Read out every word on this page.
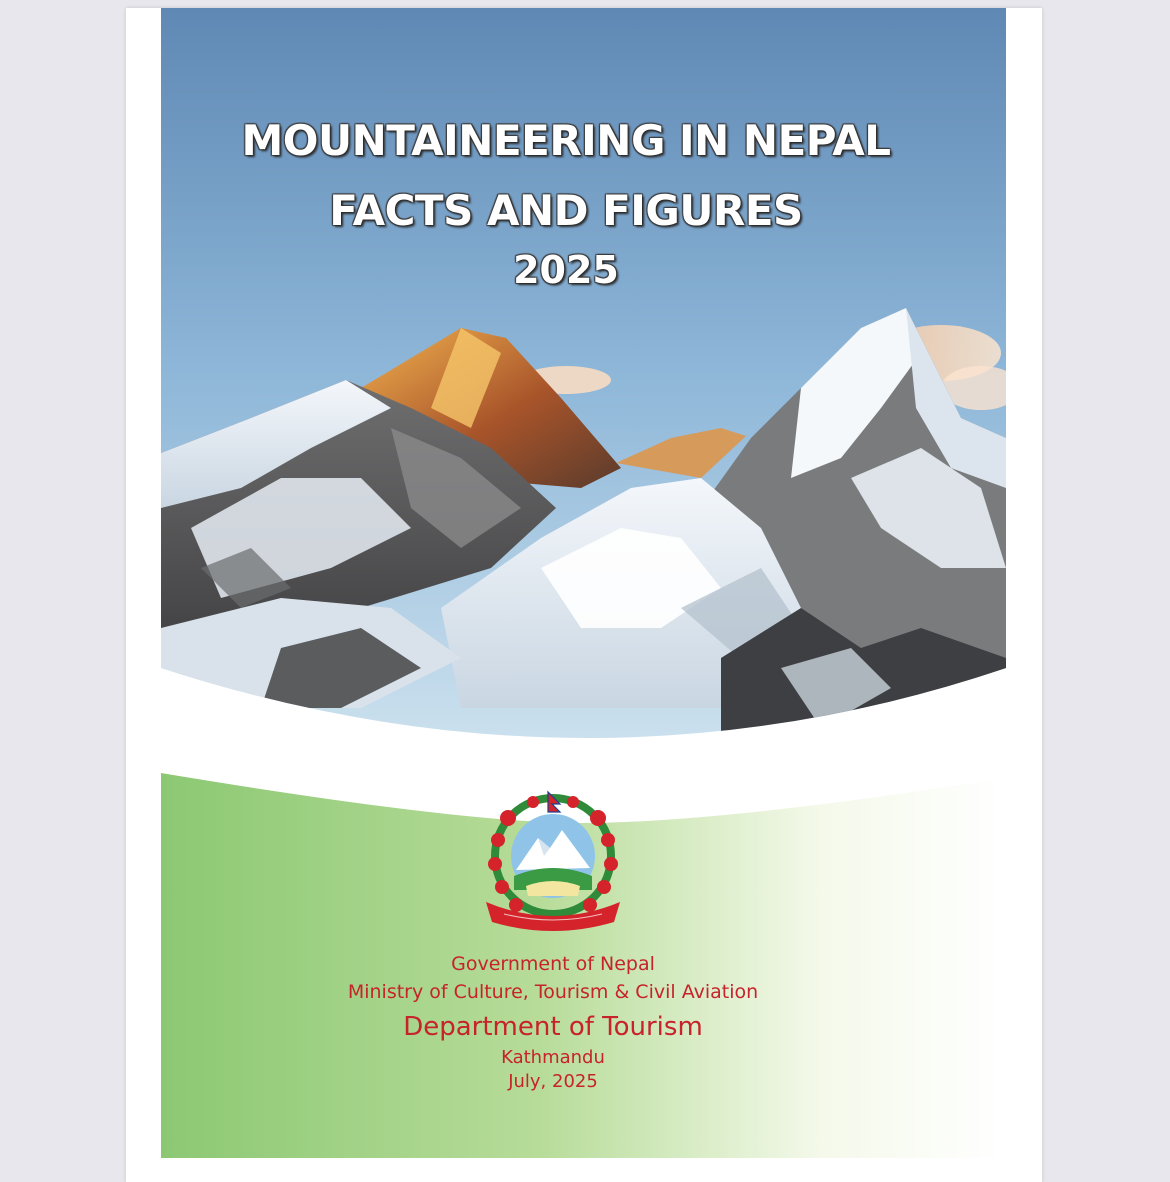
MOUNTAINEERING IN NEPAL
FACTS AND FIGURES
2025
Government of Nepal
Ministry of Culture, Tourism & Civil Aviation
Department of Tourism
Kathmandu
July, 2025
